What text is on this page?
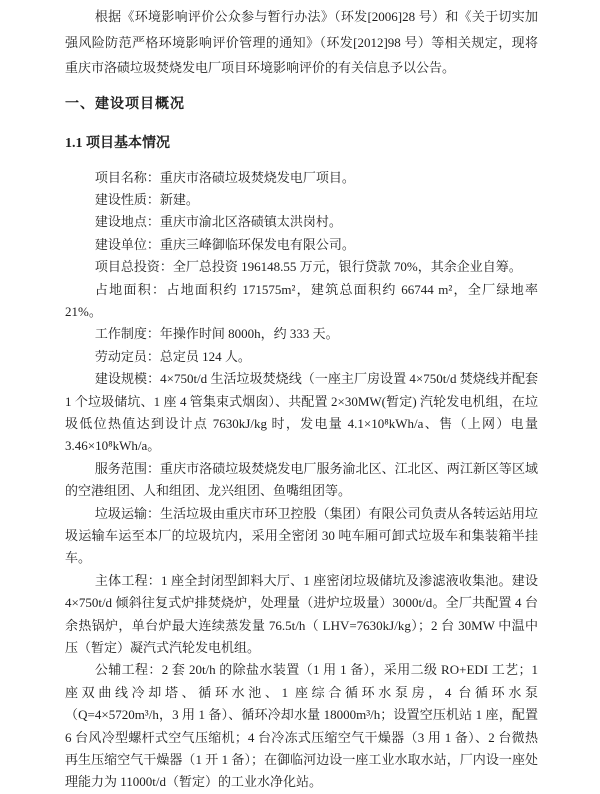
根据《环境影响评价公众参与暂行办法》（环发[2006]28 号）和《关于切实加强风险防范严格环境影响评价管理的通知》（环发[2012]98 号）等相关规定，现将重庆市洛碛垃圾焚烧发电厂项目环境影响评价的有关信息予以公告。

一、建设项目概况
1.1 项目基本情况

项目名称：重庆市洛碛垃圾焚烧发电厂项目。

建设性质：新建。

建设地点：重庆市渝北区洛碛镇太洪岗村。

建设单位：重庆三峰御临环保发电有限公司。

项目总投资：全厂总投资 196148.55 万元，银行贷款 70%，其余企业自筹。

占地面积：占地面积约 171575m²，建筑总面积约 66744 m²，全厂绿地率 21%。

工作制度：年操作时间 8000h，约 333 天。

劳动定员：总定员 124 人。

建设规模：4×750t/d 生活垃圾焚烧线（一座主厂房设置 4×750t/d 焚烧线并配套 1 个垃圾储坑、1 座 4 管集束式烟囱）、共配置 2×30MW(暂定) 汽轮发电机组，在垃圾低位热值达到设计点 7630kJ/kg 时，发电量 4.1×10⁸kWh/a、售（上网）电量 3.46×10⁸kWh/a。

服务范围：重庆市洛碛垃圾焚烧发电厂服务渝北区、江北区、两江新区等区域的空港组团、人和组团、龙兴组团、鱼嘴组团等。

垃圾运输：生活垃圾由重庆市环卫控股（集团）有限公司负责从各转运站用垃圾运输车运至本厂的垃圾坑内，采用全密闭 30 吨车厢可卸式垃圾车和集装箱半挂车。

主体工程：1 座全封闭型卸料大厅、1 座密闭垃圾储坑及渗滤液收集池。建设 4×750t/d 倾斜往复式炉排焚烧炉，处理量（进炉垃圾量）3000t/d。全厂共配置 4 台余热锅炉，单台炉最大连续蒸发量 76.5t/h（ LHV=7630kJ/kg）；2 台 30MW 中温中压（暂定）凝汽式汽轮发电机组。

公辅工程：2 套 20t/h 的除盐水装置（1 用 1 备），采用二级 RO+EDI 工艺；1 座双曲线冷却塔、循环水池、1 座综合循环水泵房，4 台循环水泵（Q=4×5720m³/h，3 用 1 备）、循环冷却水量 18000m³/h；设置空压机站 1 座，配置 6 台风冷型螺杆式空气压缩机；4 台冷冻式压缩空气干燥器（3 用 1 备）、2 台微热再生压缩空气干燥器（1 开 1 备）；在御临河边设一座工业水取水站，厂内设一座处理能力为 11000t/d（暂定）的工业水净化站。
